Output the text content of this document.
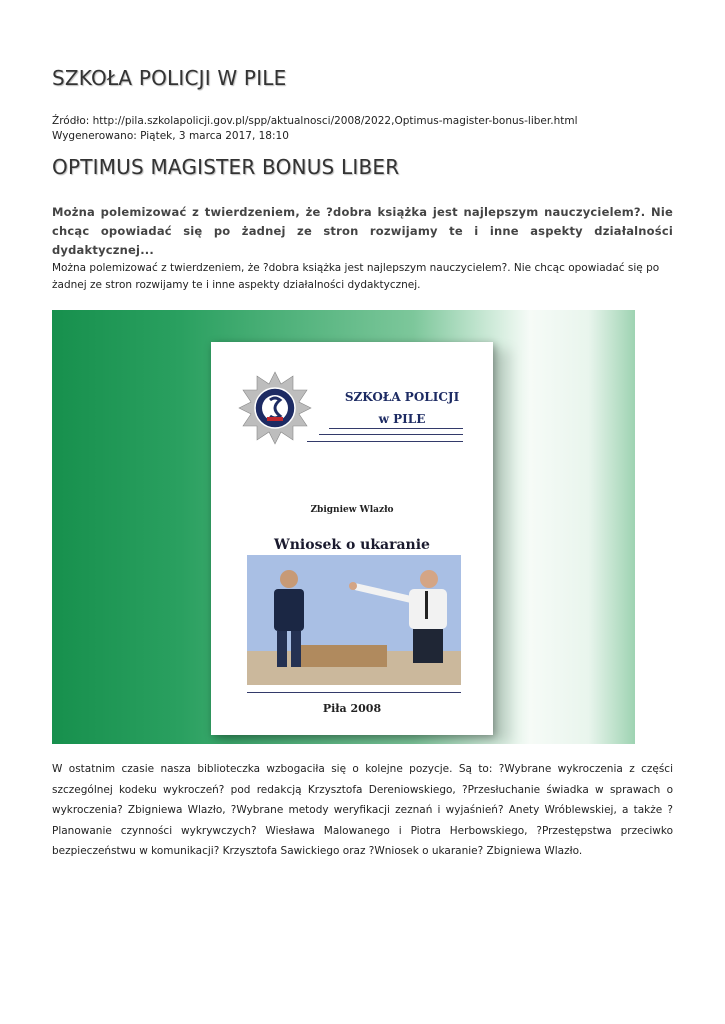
SZKOŁA POLICJI W PILE
Źródło: http://pila.szkolapolicji.gov.pl/spp/aktualnosci/2008/2022,Optimus-magister-bonus-liber.html
Wygenerowano: Piątek, 3 marca 2017, 18:10
OPTIMUS MAGISTER BONUS LIBER

Można polemizować z twierdzeniem, że ?dobra książka jest najlepszym nauczycielem?. Nie chcąc opowiadać się po żadnej ze stron rozwijamy te i inne aspekty działalności dydaktycznej...

Można polemizować z twierdzeniem, że ?dobra książka jest najlepszym nauczycielem?. Nie chcąc opowiadać się po żadnej ze stron rozwijamy te i inne aspekty działalności dydaktycznej.

SZKOŁA POLICJI
w PILE
Zbigniew Wlazło
Wniosek o ukaranie
Piła 2008

W ostatnim czasie nasza biblioteczka wzbogaciła się o kolejne pozycje. Są to: ?Wybrane wykroczenia z części szczególnej kodeku wykroczeń? pod redakcją Krzysztofa Dereniowskiego, ?Przesłuchanie świadka w sprawach o wykroczenia? Zbigniewa Wlazło, ?Wybrane metody weryfikacji zeznań i wyjaśnień? Anety Wróblewskiej, a także ?Planowanie czynności wykrywczych? Wiesława Malowanego i Piotra Herbowskiego, ?Przestępstwa przeciwko bezpieczeństwu w komunikacji? Krzysztofa Sawickiego oraz ?Wniosek o ukaranie? Zbigniewa Wlazło.
